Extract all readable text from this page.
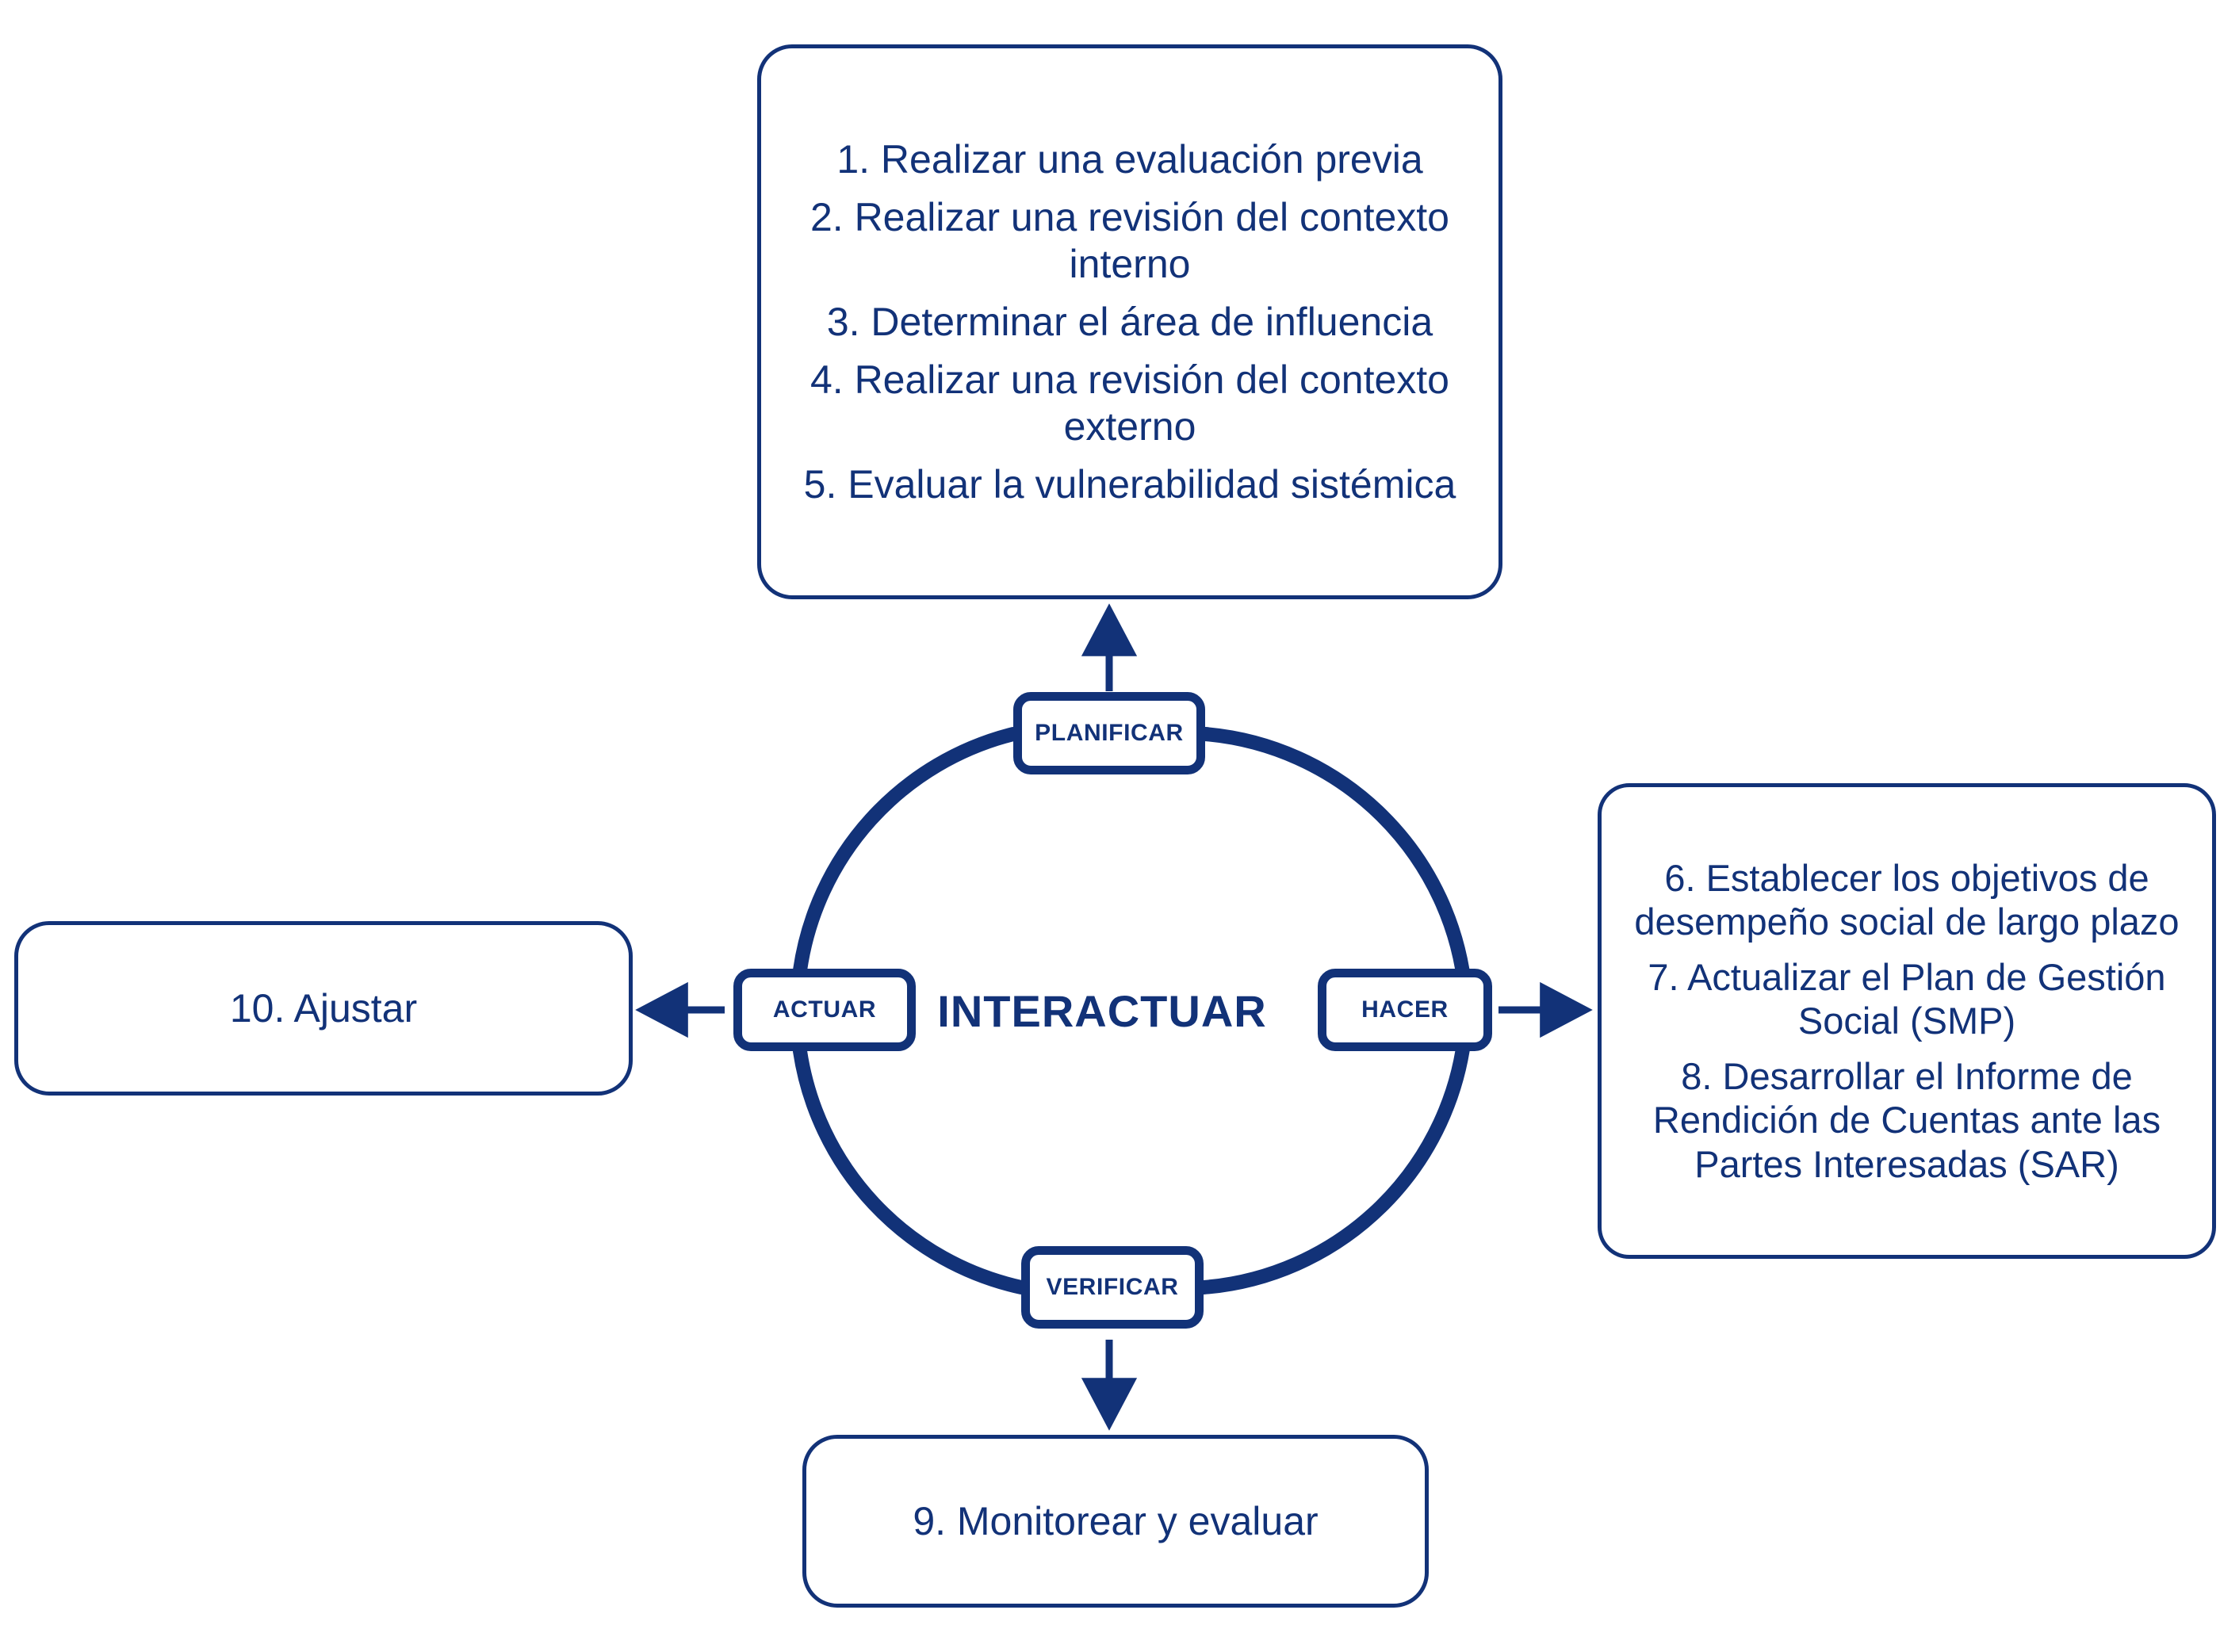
INTERACTUAR
PLANIFICAR
HACER
VERIFICAR
ACTUAR
1. Realizar una evaluación previa
2. Realizar una revisión del contexto interno
3. Determinar el área de influencia
4. Realizar una revisión del contexto externo
5. Evaluar la vulnerabilidad sistémica
6. Establecer los objetivos de desempeño social de largo plazo
7. Actualizar el Plan de Gestión Social (SMP)
8. Desarrollar el Informe de Rendición de Cuentas ante las Partes Interesadas (SAR)
10. Ajustar
9. Monitorear y evaluar
